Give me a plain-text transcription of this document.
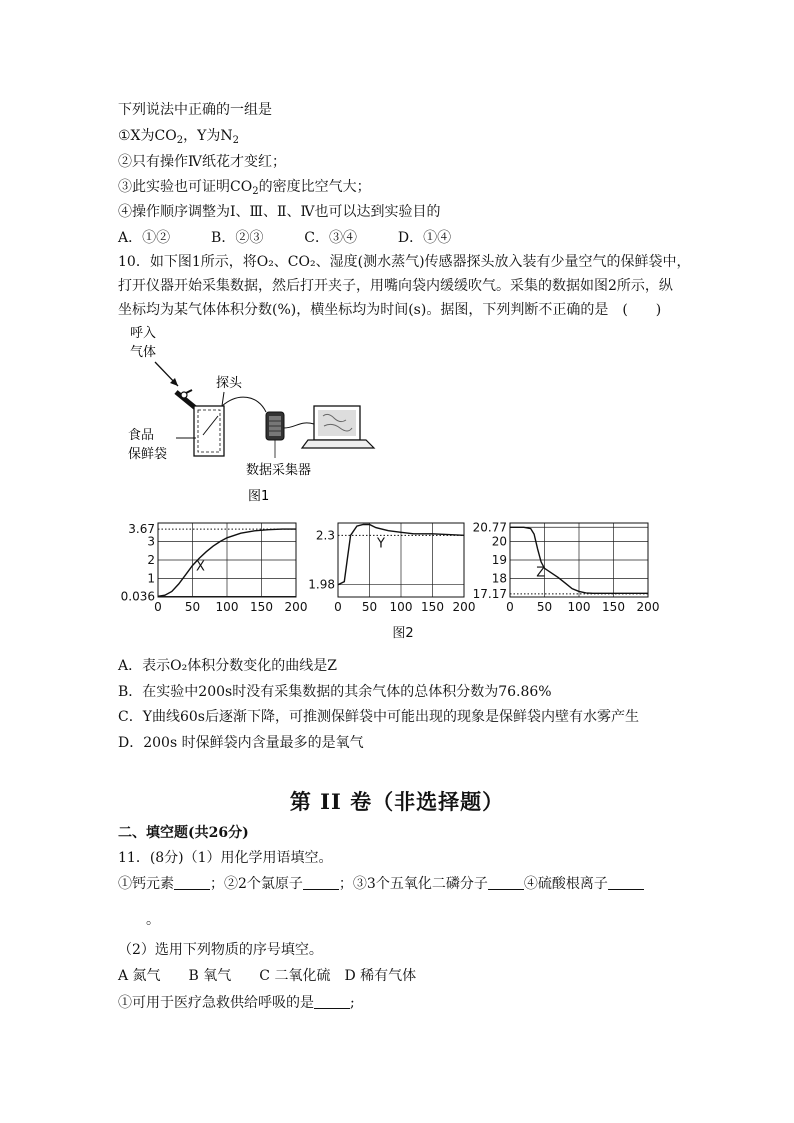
下列说法中正确的一组是
①X为$CO_2$，Y为$N_2$
②只有操作Ⅳ纸花才变红；
③此实验也可证明$CO_2$的密度比空气大；
④操作顺序调整为Ⅰ、Ⅲ、Ⅱ、Ⅳ也可以达到实验目的
A．①②	B．②③	C．③④	D．①④
10．如下图1所示，将O₂、CO₂、湿度(测水蒸气)传感器探头放入装有少量空气的保鲜袋中，
打开仪器开始采集数据，然后打开夹子，用嘴向袋内缓缓吹气。采集的数据如图2所示，纵
坐标均为某气体体积分数(%)，横坐标均为时间(s)。据图，下列判断不正确的是　(　　)
呼入
气体
探头
食品
保鲜袋
数据采集器
图1
0 50 100 150 200
0.036
1
2
3
3.67
X
0 50 100 150 200
1.98
2.3
Y
0 50 100 150 200
17.17
18
19
20
20.77
Z
图2
A．表示O₂体积分数变化的曲线是Z
B．在实验中200s时没有采集数据的其余气体的总体积分数为76.86%
C．Y曲线60s后逐渐下降，可推测保鲜袋中可能出现的现象是保鲜袋内壁有水雾产生
D．200s 时保鲜袋内含量最多的是氧气
第 II 卷（非选择题）
二、填空题(共26分)
11．(8分)（1）用化学用语填空。
①钙元素	；②2个氯原子	；③3个五氧化二磷分子	④硫酸根离子
。
（2）选用下列物质的序号填空。
A 氮气　　B 氧气　　C 二氧化硫　D 稀有气体
①可用于医疗急救供给呼吸的是	;
